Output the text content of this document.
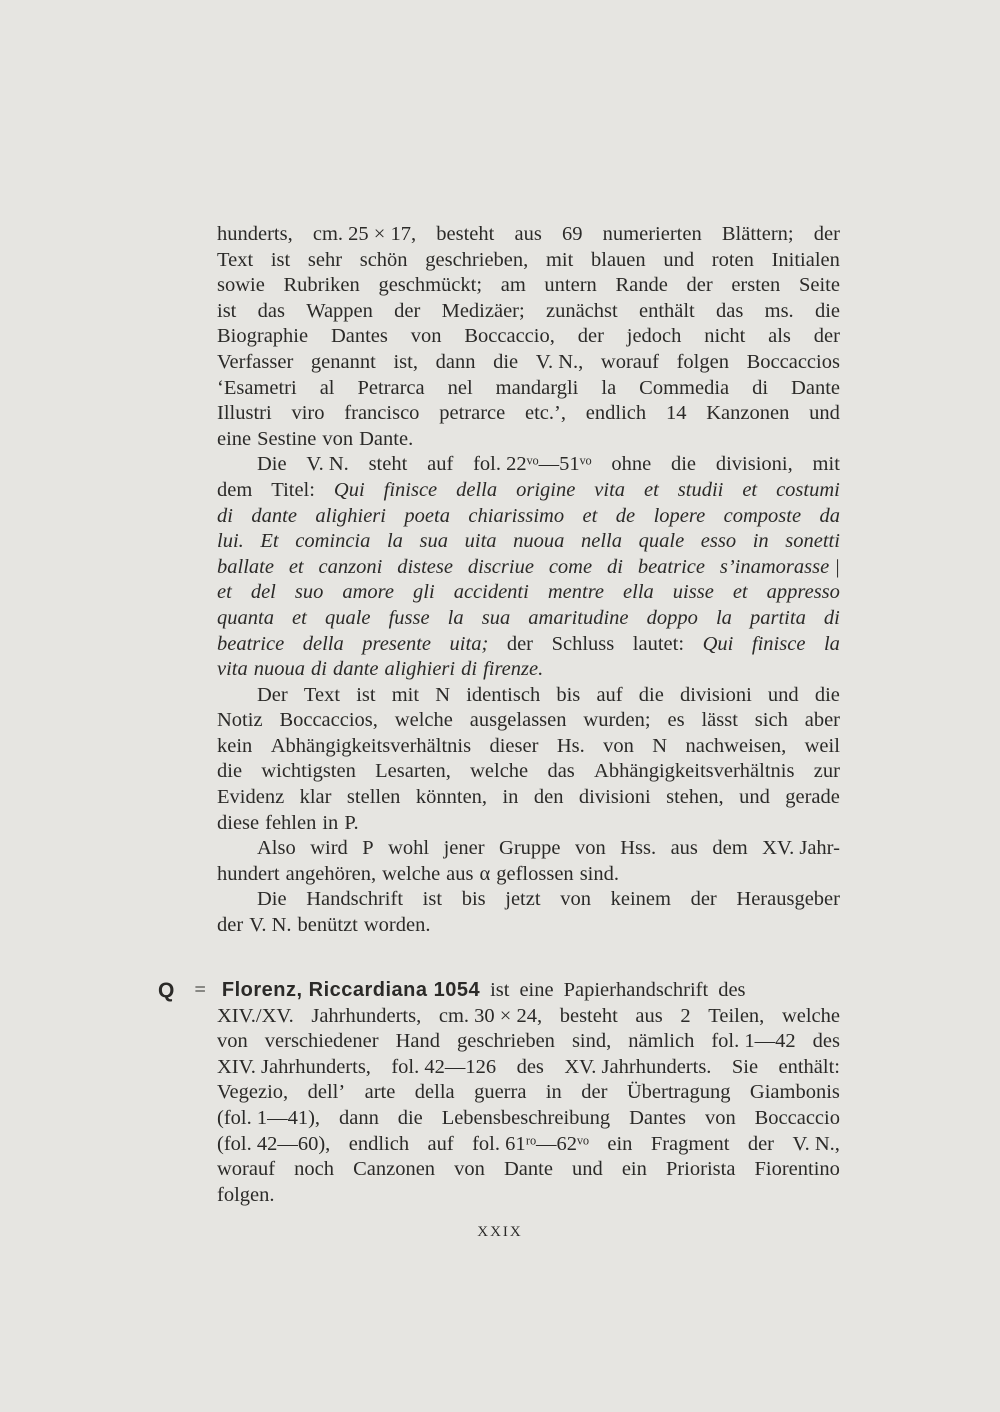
hunderts, cm. 25 × 17, besteht aus 69 numerierten Blättern; der
Text ist sehr schön geschrieben, mit blauen und roten Initialen
sowie Rubriken geschmückt; am untern Rande der ersten Seite
ist das Wappen der Medizäer; zunächst enthält das ms. die
Biographie Dantes von Boccaccio, der jedoch nicht als der
Verfasser genannt ist, dann die V. N., worauf folgen Boccaccios
‘Esametri al Petrarca nel mandargli la Commedia di Dante
Illustri viro francisco petrarce etc.’, endlich 14 Kanzonen und
eine Sestine von Dante.
Die V. N. steht auf fol. 22ᵛᵒ—51ᵛᵒ ohne die divisioni, mit
dem Titel: Qui finisce della origine vita et studii et costumi
di dante alighieri poeta chiarissimo et de lopere composte da
lui. Et comincia la sua uita nuoua nella quale esso in sonetti
ballate et canzoni distese discriue come di beatrice s’inamorasse |
et del suo amore gli accidenti mentre ella uisse et appresso
quanta et quale fusse la sua amaritudine doppo la partita di
beatrice della presente uita; der Schluss lautet: Qui finisce la
vita nuoua di dante alighieri di firenze.
Der Text ist mit N identisch bis auf die divisioni und die
Notiz Boccaccios, welche ausgelassen wurden; es lässt sich aber
kein Abhängigkeitsverhältnis dieser Hs. von N nachweisen, weil
die wichtigsten Lesarten, welche das Abhängigkeitsverhältnis zur
Evidenz klar stellen könnten, in den divisioni stehen, und gerade
diese fehlen in P.
Also wird P wohl jener Gruppe von Hss. aus dem XV. Jahr-
hundert angehören, welche aus α geflossen sind.
Die Handschrift ist bis jetzt von keinem der Herausgeber
der V. N. benützt worden.
Q = Florenz, Riccardiana 1054 ist eine Papierhandschrift des
XIV./XV. Jahrhunderts, cm. 30 × 24, besteht aus 2 Teilen, welche
von verschiedener Hand geschrieben sind, nämlich fol. 1—42 des
XIV. Jahrhunderts, fol. 42—126 des XV. Jahrhunderts. Sie enthält:
Vegezio, dell’ arte della guerra in der Übertragung Giambonis
(fol. 1—41), dann die Lebensbeschreibung Dantes von Boccaccio
(fol. 42—60), endlich auf fol. 61ʳᵒ—62ᵛᵒ ein Fragment der V. N.,
worauf noch Canzonen von Dante und ein Priorista Fiorentino
folgen.
XXIX
